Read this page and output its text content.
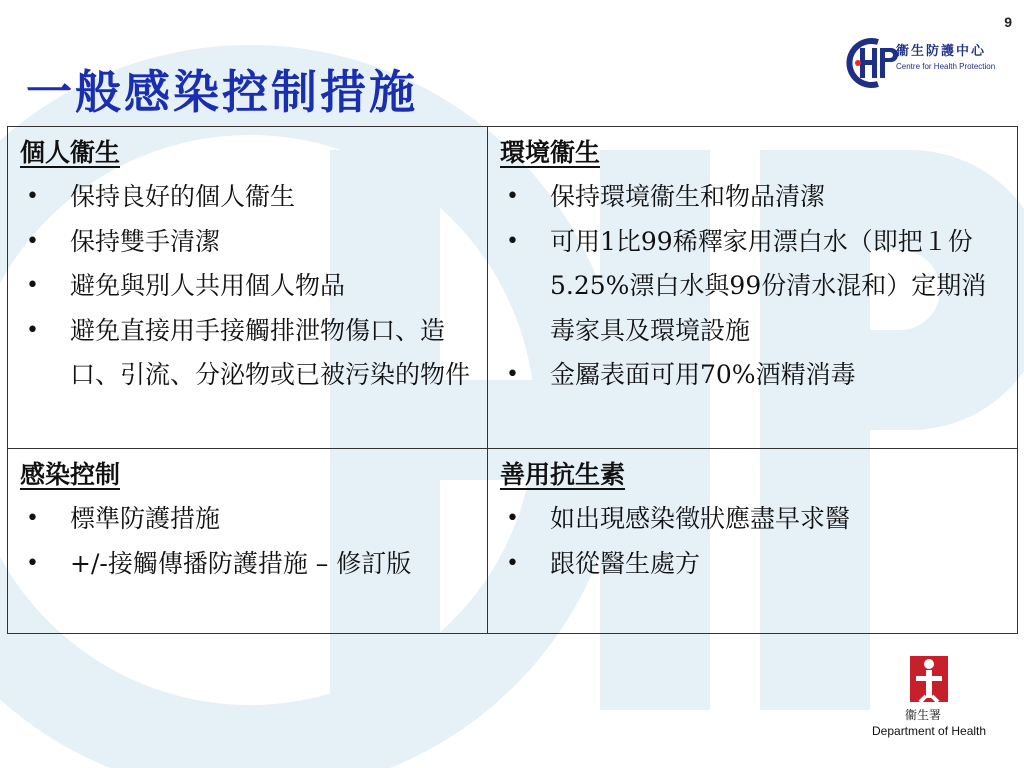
9
一般感染控制措施
衞生防護中心
Centre for Health Protection
個人衞生
• 保持良好的個人衞生
• 保持雙手清潔
• 避免與別人共用個人物品
• 避免直接用手接觸排泄物傷口、造口、引流、分泌物或已被污染的物件
環境衞生
• 保持環境衞生和物品清潔
• 可用1比99稀釋家用漂白水（即把１份5.25%漂白水與99份清水混和）定期消毒家具及環境設施
• 金屬表面可用70%酒精消毒
感染控制
• 標準防護措施
• +/-接觸傳播防護措施 – 修訂版
善用抗生素
• 如出現感染徵狀應盡早求醫
• 跟從醫生處方
衞生署
Department of Health
